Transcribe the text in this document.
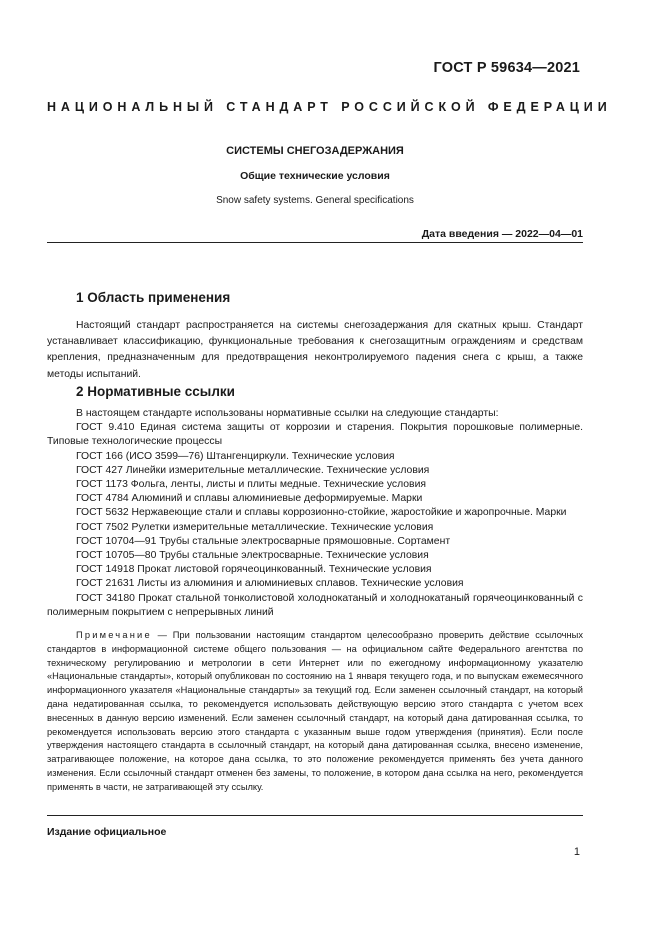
ГОСТ Р 59634—2021
НАЦИОНАЛЬНЫЙ СТАНДАРТ РОССИЙСКОЙ ФЕДЕРАЦИИ
СИСТЕМЫ СНЕГОЗАДЕРЖАНИЯ
Общие технические условия
Snow safety systems. General specifications
Дата введения — 2022—04—01
1 Область применения

Настоящий стандарт распространяется на системы снегозадержания для скатных крыш. Стандарт устанавливает классификацию, функциональные требования к снегозащитным ограждениям и средствам крепления, предназначенным для предотвращения неконтролируемого падения снега с крыш, а также методы испытаний.

2 Нормативные ссылки
В настоящем стандарте использованы нормативные ссылки на следующие стандарты:
ГОСТ 9.410 Единая система защиты от коррозии и старения. Покрытия порошковые полимерные. Типовые технологические процессы
ГОСТ 166 (ИСО 3599—76) Штангенциркули. Технические условия
ГОСТ 427 Линейки измерительные металлические. Технические условия
ГОСТ 1173 Фольга, ленты, листы и плиты медные. Технические условия
ГОСТ 4784 Алюминий и сплавы алюминиевые деформируемые. Марки
ГОСТ 5632 Нержавеющие стали и сплавы коррозионно-стойкие, жаростойкие и жаропрочные. Марки
ГОСТ 7502 Рулетки измерительные металлические. Технические условия
ГОСТ 10704—91 Трубы стальные электросварные прямошовные. Сортамент
ГОСТ 10705—80 Трубы стальные электросварные. Технические условия
ГОСТ 14918 Прокат листовой горячеоцинкованный. Технические условия
ГОСТ 21631 Листы из алюминия и алюминиевых сплавов. Технические условия
ГОСТ 34180 Прокат стальной тонколистовой холоднокатаный и холоднокатаный горячеоцинкованный с полимерным покрытием с непрерывных линий
Примечание — При пользовании настоящим стандартом целесообразно проверить действие ссылочных стандартов в информационной системе общего пользования — на официальном сайте Федерального агентства по техническому регулированию и метрологии в сети Интернет или по ежегодному информационному указателю «Национальные стандарты», который опубликован по состоянию на 1 января текущего года, и по выпускам ежемесячного информационного указателя «Национальные стандарты» за текущий год. Если заменен ссылочный стандарт, на который дана недатированная ссылка, то рекомендуется использовать действующую версию этого стандарта с учетом всех внесенных в данную версию изменений. Если заменен ссылочный стандарт, на который дана датированная ссылка, то рекомендуется использовать версию этого стандарта с указанным выше годом утверждения (принятия). Если после утверждения настоящего стандарта в ссылочный стандарт, на который дана датированная ссылка, внесено изменение, затрагивающее положение, на которое дана ссылка, то это положение рекомендуется применять без учета данного изменения. Если ссылочный стандарт отменен без замены, то положение, в котором дана ссылка на него, рекомендуется применять в части, не затрагивающей эту ссылку.
Издание официальное
1
